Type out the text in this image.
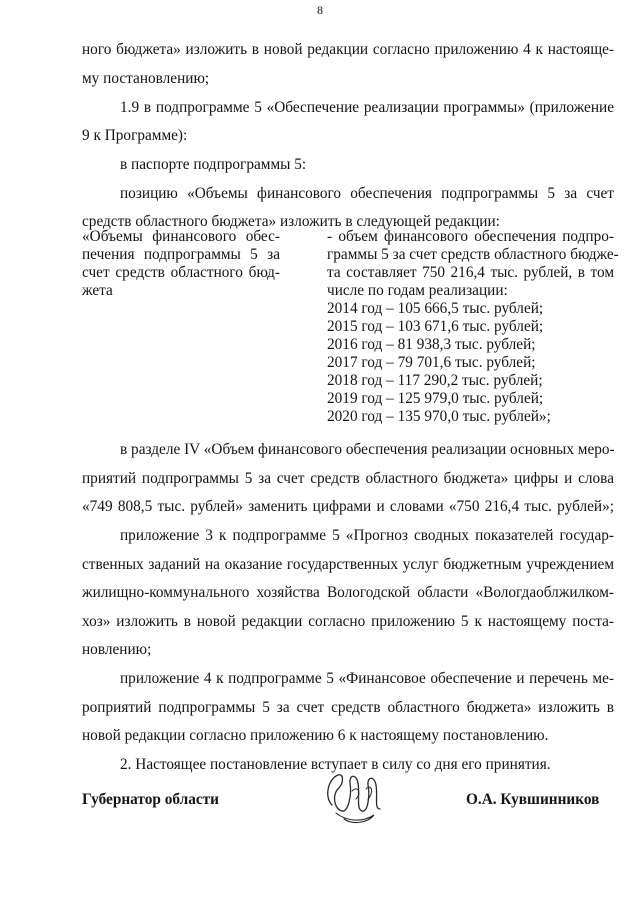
8
ного бюджета» изложить в новой редакции согласно приложению 4 к настояще-
му постановлению;
1.9 в подпрограмме 5 «Обеспечение реализации программы» (приложение
9 к Программе):
в паспорте подпрограммы 5:
позицию «Объемы финансового обеспечения подпрограммы 5 за счет
средств областного бюджета» изложить в следующей редакции:
«Объемы финансового обес-
печения подпрограммы 5 за
счет средств областного бюд-
жета
- объем финансового обеспечения подпро-
граммы 5 за счет средств областного бюдже-
та составляет 750 216,4 тыс. рублей, в том
числе по годам реализации:
2014 год – 105 666,5 тыс. рублей;
2015 год – 103 671,6 тыс. рублей;
2016 год – 81 938,3 тыс. рублей;
2017 год – 79 701,6 тыс. рублей;
2018 год – 117 290,2 тыс. рублей;
2019 год – 125 979,0 тыс. рублей;
2020 год – 135 970,0 тыс. рублей»;
в разделе IV «Объем финансового обеспечения реализации основных меро-
приятий подпрограммы 5 за счет средств областного бюджета» цифры и слова
«749 808,5 тыс. рублей» заменить цифрами и словами «750 216,4 тыс. рублей»;
приложение 3 к подпрограмме 5 «Прогноз сводных показателей государ-
ственных заданий на оказание государственных услуг бюджетным учреждением
жилищно-коммунального хозяйства Вологодской области «Вологдаоблжилком-
хоз» изложить в новой редакции согласно приложению 5 к настоящему поста-
новлению;
приложение 4 к подпрограмме 5 «Финансовое обеспечение и перечень ме-
роприятий подпрограммы 5 за счет средств областного бюджета» изложить в
новой редакции согласно приложению 6 к настоящему постановлению.
2. Настоящее постановление вступает в силу со дня его принятия.
Губернатор области	О.А. Кувшинников
